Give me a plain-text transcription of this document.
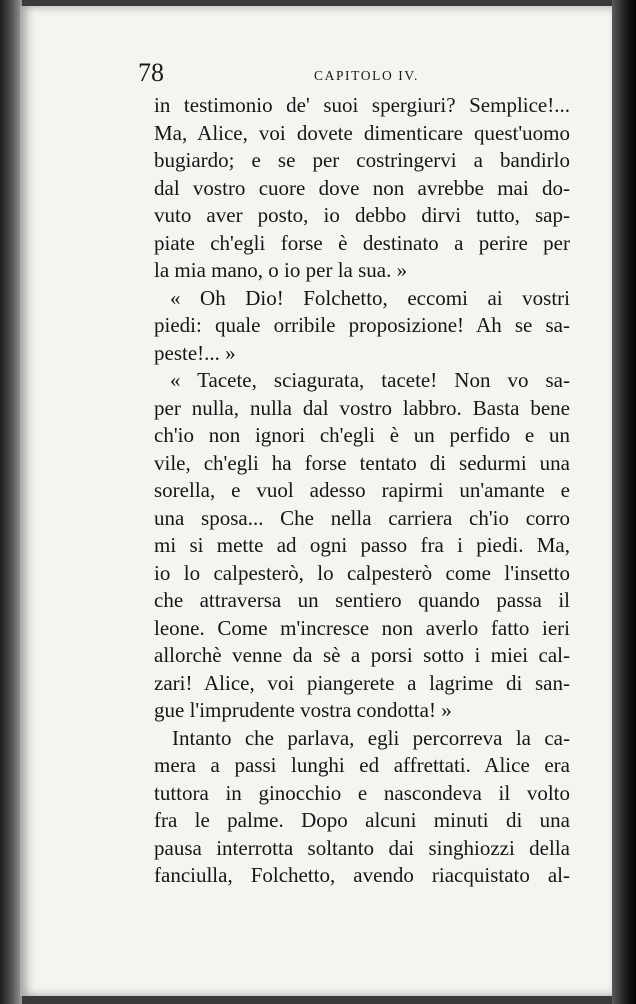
78	CAPITOLO IV.
in testimonio de' suoi spergiuri? Semplice!...
Ma, Alice, voi dovete dimenticare quest'uomo
bugiardo; e se per costringervi a bandirlo
dal vostro cuore dove non avrebbe mai do-
vuto aver posto, io debbo dirvi tutto, sap-
piate ch'egli forse è destinato a perire per
la mia mano, o io per la sua. »
« Oh Dio! Folchetto, eccomi ai vostri
piedi: quale orribile proposizione! Ah se sa-
peste!... »
« Tacete, sciagurata, tacete! Non vo sa-
per nulla, nulla dal vostro labbro. Basta bene
ch'io non ignori ch'egli è un perfido e un
vile, ch'egli ha forse tentato di sedurmi una
sorella, e vuol adesso rapirmi un'amante e
una sposa... Che nella carriera ch'io corro
mi si mette ad ogni passo fra i piedi. Ma,
io lo calpesterò, lo calpesterò come l'insetto
che attraversa un sentiero quando passa il
leone. Come m'incresce non averlo fatto ieri
allorchè venne da sè a porsi sotto i miei cal-
zari! Alice, voi piangerete a lagrime di san-
gue l'imprudente vostra condotta! »
Intanto che parlava, egli percorreva la ca-
mera a passi lunghi ed affrettati. Alice era
tuttora in ginocchio e nascondeva il volto
fra le palme. Dopo alcuni minuti di una
pausa interrotta soltanto dai singhiozzi della
fanciulla, Folchetto, avendo riacquistato al-
